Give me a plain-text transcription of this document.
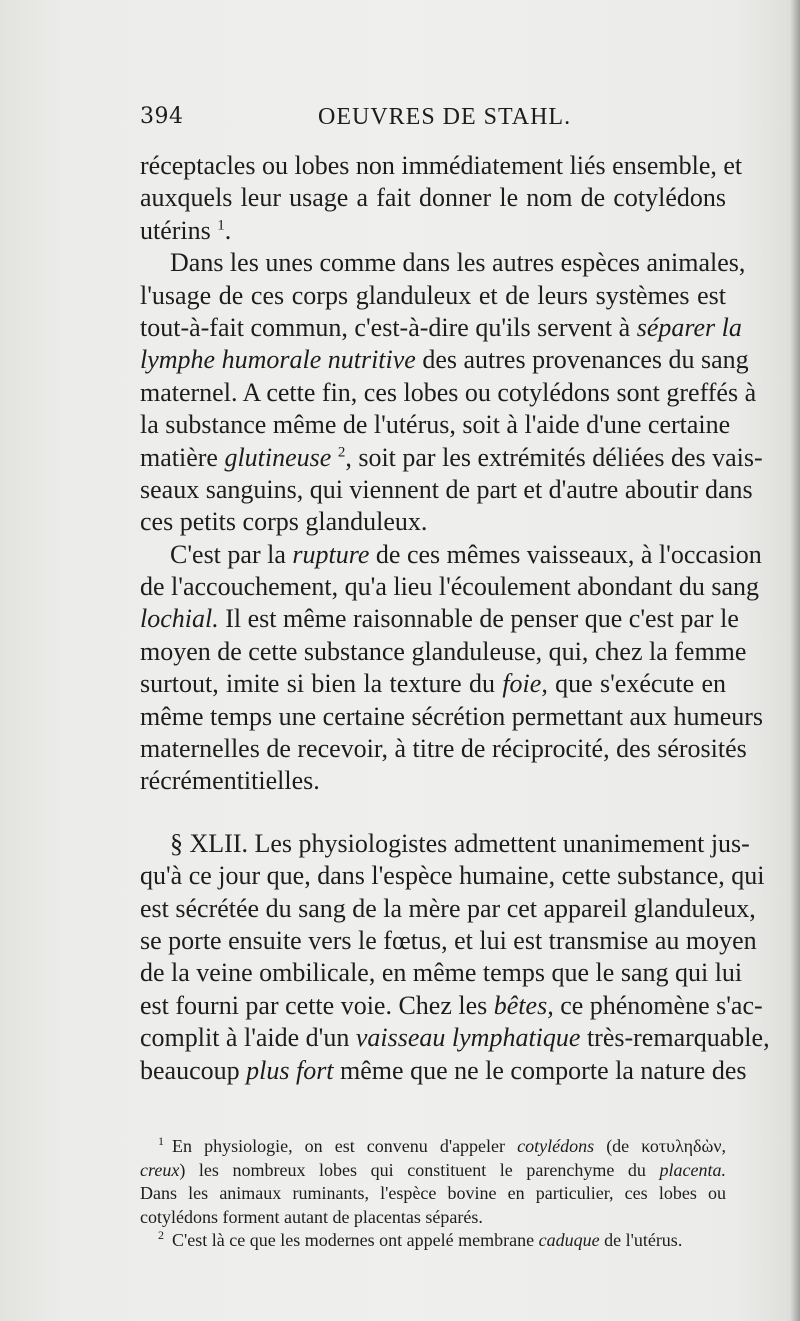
394	OEUVRES DE STAHL.
réceptacles ou lobes non immédiatement liés ensemble, et
auxquels leur usage a fait donner le nom de cotylédons
utérins $^1$.
Dans les unes comme dans les autres espèces animales,
l'usage de ces corps glanduleux et de leurs systèmes est
tout-à-fait commun, c'est-à-dire qu'ils servent à séparer la
lymphe humorale nutritive des autres provenances du sang
maternel. A cette fin, ces lobes ou cotylédons sont greffés à
la substance même de l'utérus, soit à l'aide d'une certaine
matière glutineuse $^2$, soit par les extrémités déliées des vais-
seaux sanguins, qui viennent de part et d'autre aboutir dans
ces petits corps glanduleux.
C'est par la rupture de ces mêmes vaisseaux, à l'occasion
de l'accouchement, qu'a lieu l'écoulement abondant du sang
lochial. Il est même raisonnable de penser que c'est par le
moyen de cette substance glanduleuse, qui, chez la femme
surtout, imite si bien la texture du foie, que s'exécute en
même temps une certaine sécrétion permettant aux humeurs
maternelles de recevoir, à titre de réciprocité, des sérosités
récrémentitielles.
§ XLII. Les physiologistes admettent unanimement jus-
qu'à ce jour que, dans l'espèce humaine, cette substance, qui
est sécrétée du sang de la mère par cet appareil glanduleux,
se porte ensuite vers le fœtus, et lui est transmise au moyen
de la veine ombilicale, en même temps que le sang qui lui
est fourni par cette voie. Chez les bêtes, ce phénomène s'ac-
complit à l'aide d'un vaisseau lymphatique très-remarquable,
beaucoup plus fort même que ne le comporte la nature des
$^1$ En physiologie, on est convenu d'appeler cotylédons (de κοτυληδὼν,
creux) les nombreux lobes qui constituent le parenchyme du placenta.
Dans les animaux ruminants, l'espèce bovine en particulier, ces lobes ou
cotylédons forment autant de placentas séparés.
$^2$ C'est là ce que les modernes ont appelé membrane caduque de l'utérus.
